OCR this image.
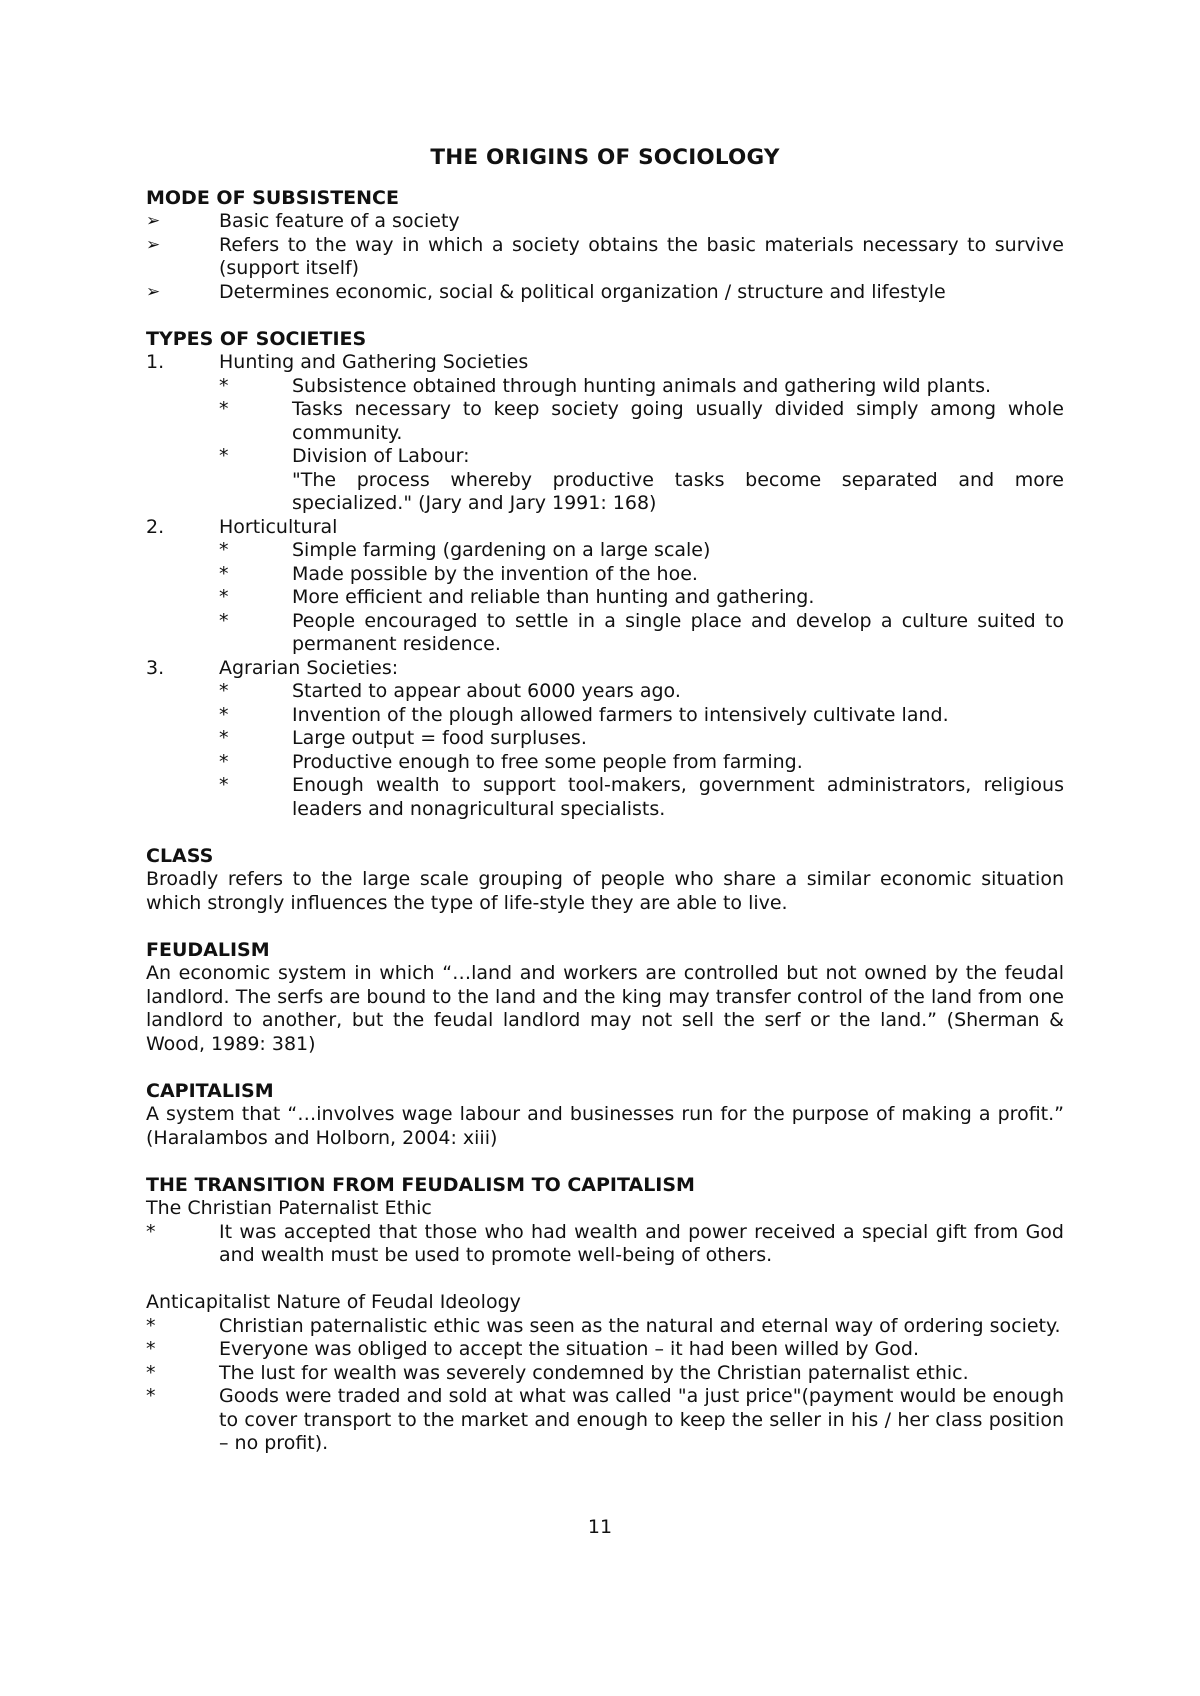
THE ORIGINS OF SOCIOLOGY

MODE OF SUBSISTENCE

➢	Basic feature of a society
➢	Refers to the way in which a society obtains the basic materials necessary to survive (support itself)
➢	Determines economic, social & political organization / structure and lifestyle

TYPES OF SOCIETIES

1.	Hunting and Gathering Societies
*	Subsistence obtained through hunting animals and gathering wild plants.
*	Tasks necessary to keep society going usually divided simply among whole community.
*	Division of Labour:

"The process whereby productive tasks become separated and more specialized." (Jary and Jary 1991: 168)

2.	Horticultural
*	Simple farming (gardening on a large scale)
*	Made possible by the invention of the hoe.
*	More efficient and reliable than hunting and gathering.
*	People encouraged to settle in a single place and develop a culture suited to permanent residence.
3.	Agrarian Societies:
*	Started to appear about 6000 years ago.
*	Invention of the plough allowed farmers to intensively cultivate land.
*	Large output = food surpluses.
*	Productive enough to free some people from farming.
*	Enough wealth to support tool-makers, government administrators, religious leaders and nonagricultural specialists.

CLASS

Broadly refers to the large scale grouping of people who share a similar economic situation which strongly influences the type of life-style they are able to live.

FEUDALISM

An economic system in which “…land and workers are controlled but not owned by the feudal landlord. The serfs are bound to the land and the king may transfer control of the land from one landlord to another, but the feudal landlord may not sell the serf or the land.” (Sherman & Wood, 1989: 381)

CAPITALISM

A system that “…involves wage labour and businesses run for the purpose of making a profit.” (Haralambos and Holborn, 2004: xiii)

THE TRANSITION FROM FEUDALISM TO CAPITALISM

The Christian Paternalist Ethic

*	It was accepted that those who had wealth and power received a special gift from God and wealth must be used to promote well-being of others.

Anticapitalist Nature of Feudal Ideology

*	Christian paternalistic ethic was seen as the natural and eternal way of ordering society.
*	Everyone was obliged to accept the situation – it had been willed by God.
*	The lust for wealth was severely condemned by the Christian paternalist ethic.
*	Goods were traded and sold at what was called "a just price"(payment would be enough to cover transport to the market and enough to keep the seller in his / her class position – no profit).
11
